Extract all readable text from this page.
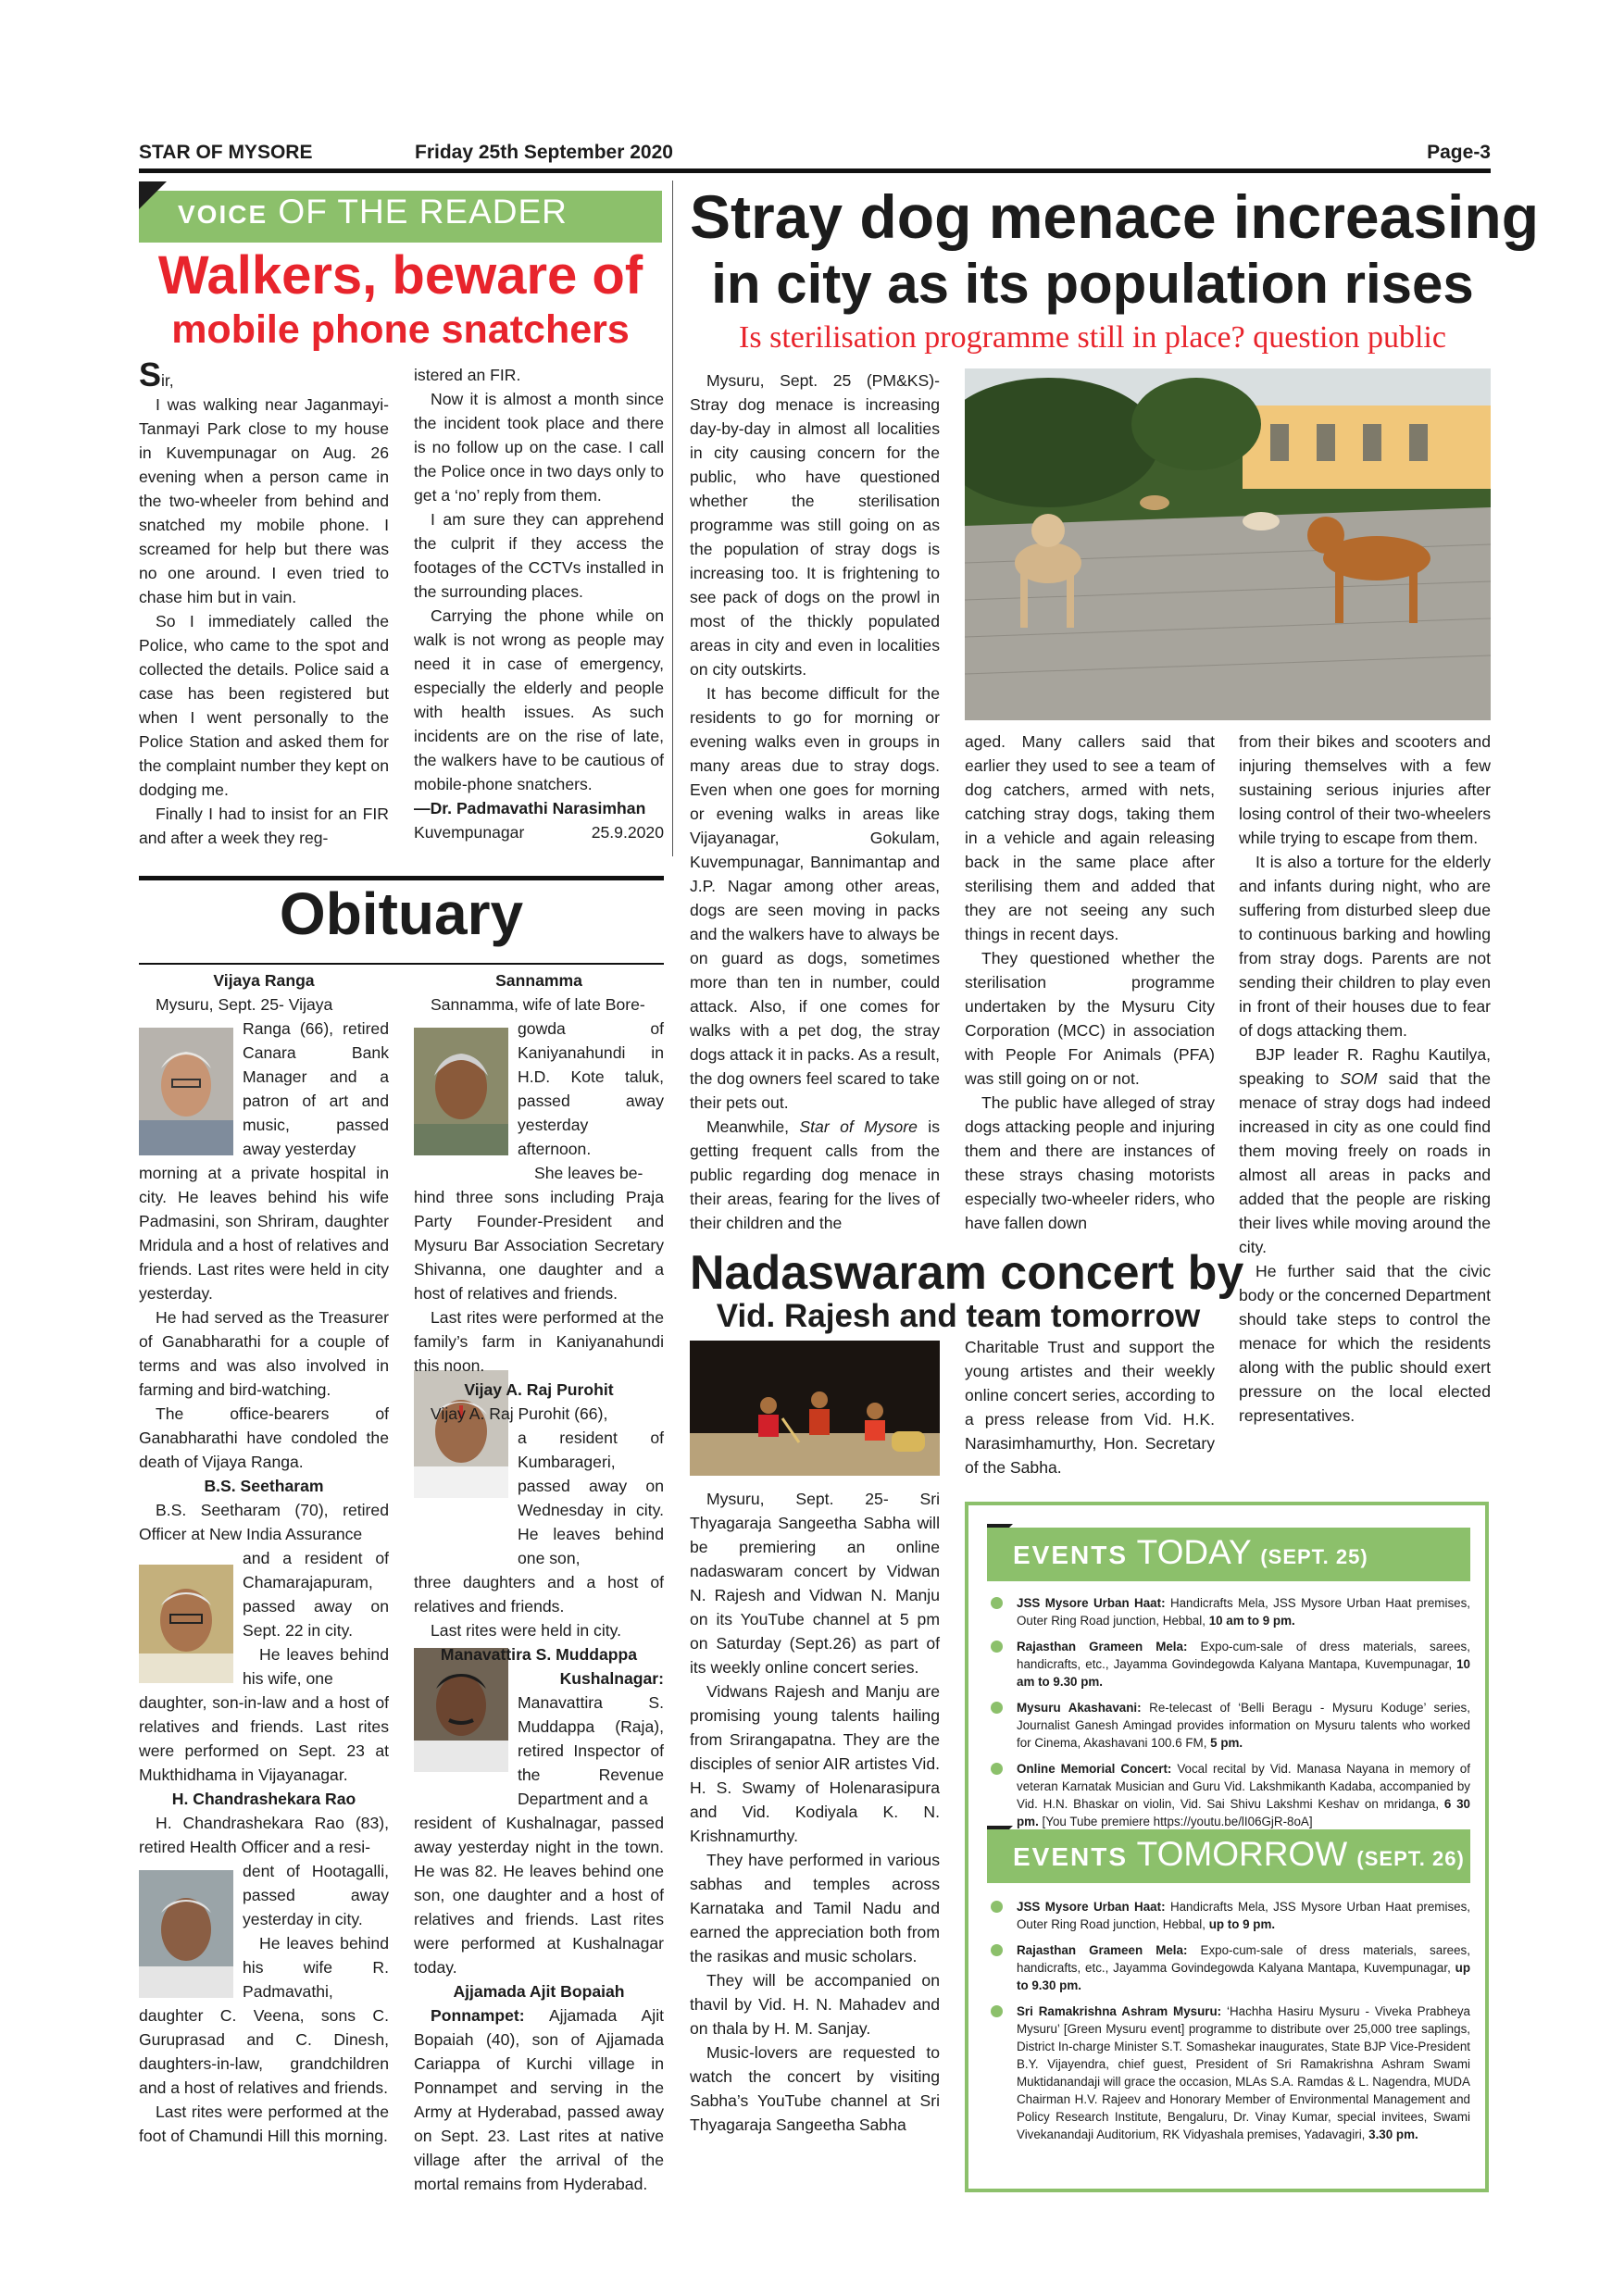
STAR OF MYSORE	Friday 25th September 2020	Page-3
VOICE OF THE READER
Walkers, beware of
mobile phone snatchers

Sir,

I was walking near Jaganmayi-Tanmayi Park close to my house in Kuvempunagar on Aug. 26 evening when a person came in the two-wheeler from behind and snatched my mobile phone. I screamed for help but there was no one around. I even tried to chase him but in vain.

So I immediately called the Police, who came to the spot and collected the details. Police said a case has been registered but when I went personally to the Police Station and asked them for the complaint number they kept on dodging me.

Finally I had to insist for an FIR and after a week they reg-

istered an FIR.

Now it is almost a month since the incident took place and there is no follow up on the case. I call the Police once in two days only to get a ‘no’ reply from them.

I am sure they can apprehend the culprit if they access the footages of the CCTVs installed in the surrounding places.

Carrying the phone while on walk is not wrong as people may need it in case of emergency, especially the elderly and people with health issues. As such incidents are on the rise of late, the walkers have to be cautious of mobile-phone snatchers.

—Dr. Padmavathi Narasimhan

Kuvempunagar	25.9.2020

Obituary

Vijaya Ranga

Mysuru, Sept. 25- Vijaya

Ranga (66), retired Canara Bank Manager and a patron of art and music, passed away yesterday

morning at a private hospital in city. He leaves behind his wife Padmasini, son Shriram, daughter Mridula and a host of relatives and friends. Last rites were held in city yesterday.

He had served as the Treasurer of Ganabharathi for a couple of terms and was also involved in farming and bird-watching.

The office-bearers of Ganabharathi have condoled the death of Vijaya Ranga.

B.S. Seetharam

B.S. Seetharam (70), retired Officer at New India Assurance

and a resident of Chamarajapuram, passed away on Sept. 22 in city.

He leaves behind his wife, one

daughter, son-in-law and a host of relatives and friends. Last rites were performed on Sept. 23 at Mukthidhama in Vijayanagar.

H. Chandrashekara Rao

H. Chandrashekara Rao (83), retired Health Officer and a resi-

dent of Hootagalli, passed away yesterday in city.

He leaves behind his wife R. Padmavathi,

daughter C. Veena, sons C. Guruprasad and C. Dinesh, daughters-in-law, grandchildren and a host of relatives and friends.

Last rites were performed at the foot of Chamundi Hill this morning.

Sannamma

Sannamma, wife of late Bore-

gowda of Kaniyanahundi in H.D. Kote taluk, passed away yesterday afternoon.

She leaves be-

hind three sons including Praja Party Founder-President and Mysuru Bar Association Secretary Shivanna, one daughter and a host of relatives and friends.

Last rites were performed at the family’s farm in Kaniyanahundi this noon.

Vijay A. Raj Purohit

Vijay A. Raj Purohit (66),

a resident of Kumbarageri, passed away on Wednesday in city. He leaves behind one son,

three daughters and a host of relatives and friends.

Last rites were held in city.

Manavattira S. Muddappa

Kushalnagar:

Manavattira S. Muddappa (Raja), retired Inspector of the Revenue Department and a

resident of Kushalnagar, passed away yesterday night in the town. He was 82. He leaves behind one son, one daughter and a host of relatives and friends. Last rites were performed at Kushalnagar today.

Ajjamada Ajit Bopaiah

Ponnampet: Ajjamada Ajit Bopaiah (40), son of Ajjamada Cariappa of Kurchi village in Ponnampet and serving in the Army at Hyderabad, passed away on Sept. 23. Last rites at native village after the arrival of the mortal remains from Hyderabad.

Stray dog menace increasing
in city as its population rises
Is sterilisation programme still in place? question public

Mysuru, Sept. 25 (PM&KS)- Stray dog menace is increasing day-by-day in almost all localities in city causing concern for the public, who have questioned whether the sterilisation programme was still going on as the population of stray dogs is increasing too. It is frightening to see pack of dogs on the prowl in most of the thickly populated areas in city and even in localities on city outskirts.

It has become difficult for the residents to go for morning or evening walks even in groups in many areas due to stray dogs. Even when one goes for morning or evening walks in areas like Vijayanagar, Gokulam, Kuvempunagar, Bannimantap and J.P. Nagar among other areas, dogs are seen moving in packs and the walkers have to always be on guard as dogs, sometimes more than ten in number, could attack. Also, if one comes for walks with a pet dog, the stray dogs attack it in packs. As a result, the dog owners feel scared to take their pets out.

Meanwhile, Star of Mysore is getting frequent calls from the public regarding dog menace in their areas, fearing for the lives of their children and the

aged. Many callers said that earlier they used to see a team of dog catchers, armed with nets, catching stray dogs, taking them in a vehicle and again releasing back in the same place after sterilising them and added that they are not seeing any such things in recent days.

They questioned whether the sterilisation programme undertaken by the Mysuru City Corporation (MCC) in association with People For Animals (PFA) was still going on or not.

The public have alleged of stray dogs attacking people and injuring them and there are instances of these strays chasing motorists especially two-wheeler riders, who have fallen down

from their bikes and scooters and injuring themselves with a few sustaining serious injuries after losing control of their two-wheelers while trying to escape from them.

It is also a torture for the elderly and infants during night, who are suffering from disturbed sleep due to continuous barking and howling from stray dogs. Parents are not sending their children to play even in front of their houses due to fear of dogs attacking them.

BJP leader R. Raghu Kautilya, speaking to SOM said that the menace of stray dogs had indeed increased in city as one could find them moving freely on roads in almost all areas in packs and added that the people are risking their lives while moving around the city.

He further said that the civic body or the concerned Department should take steps to control the menace for which the residents along with the public should exert pressure on the local elected representatives.

Nadaswaram concert by
Vid. Rajesh and team tomorrow

Mysuru, Sept. 25- Sri Thyagaraja Sangeetha Sabha will be premiering an online nadaswaram concert by Vidwan N. Rajesh and Vidwan N. Manju on its YouTube channel at 5 pm on Saturday (Sept.26) as part of its weekly online concert series.

Vidwans Rajesh and Manju are promising young talents hailing from Srirangapatna. They are the disciples of senior AIR artistes Vid. H. S. Swamy of Holenarasipura and Vid. Kodiyala K. N. Krishnamurthy.

They have performed in various sabhas and temples across Karnataka and Tamil Nadu and earned the appreciation both from the rasikas and music scholars.

They will be accompanied on thavil by Vid. H. N. Mahadev and on thala by H. M. Sanjay.

Music-lovers are requested to watch the concert by visiting Sabha’s YouTube channel at Sri Thyagaraja Sangeetha Sabha

Charitable Trust and support the young artistes and their weekly online concert series, according to a press release from Vid. H.K. Narasimhamurthy, Hon. Secretary of the Sabha.

EVENTS TODAY (SEPT. 25)
JSS Mysore Urban Haat: Handicrafts Mela, JSS Mysore Urban Haat premises, Outer Ring Road junction, Hebbal, 10 am to 9 pm.
Rajasthan Grameen Mela: Expo-cum-sale of dress materials, sarees, handicrafts, etc., Jayamma Govindegowda Kalyana Mantapa, Kuvempunagar, 10 am to 9.30 pm.
Mysuru Akashavani: Re-telecast of ‘Belli Beragu - Mysuru Koduge’ series, Journalist Ganesh Amingad provides information on Mysuru talents who worked for Cinema, Akashavani 100.6 FM, 5 pm.
Online Memorial Concert: Vocal recital by Vid. Manasa Nayana in memory of veteran Karnatak Musician and Guru Vid. Lakshmikanth Kadaba, accompanied by Vid. H.N. Bhaskar on violin, Vid. Sai Shivu Lakshmi Keshav on mridanga, 6 30 pm. [You Tube premiere https://youtu.be/lI06GjR-8oA]
EVENTS TOMORROW (SEPT. 26)
JSS Mysore Urban Haat: Handicrafts Mela, JSS Mysore Urban Haat premises, Outer Ring Road junction, Hebbal, up to 9 pm.
Rajasthan Grameen Mela: Expo-cum-sale of dress materials, sarees, handicrafts, etc., Jayamma Govindegowda Kalyana Mantapa, Kuvempunagar, up to 9.30 pm.
Sri Ramakrishna Ashram Mysuru: ‘Hachha Hasiru Mysuru - Viveka Prabheya Mysuru’ [Green Mysuru event] programme to distribute over 25,000 tree saplings, District In-charge Minister S.T. Somashekar inaugurates, State BJP Vice-President B.Y. Vijayendra, chief guest, President of Sri Ramakrishna Ashram Swami Muktidanandaji will grace the occasion, MLAs S.A. Ramdas & L. Nagendra, MUDA Chairman H.V. Rajeev and Honorary Member of Environmental Management and Policy Research Institute, Bengaluru, Dr. Vinay Kumar, special invitees, Swami Vivekanandaji Auditorium, RK Vidyashala premises, Yadavagiri, 3.30 pm.
